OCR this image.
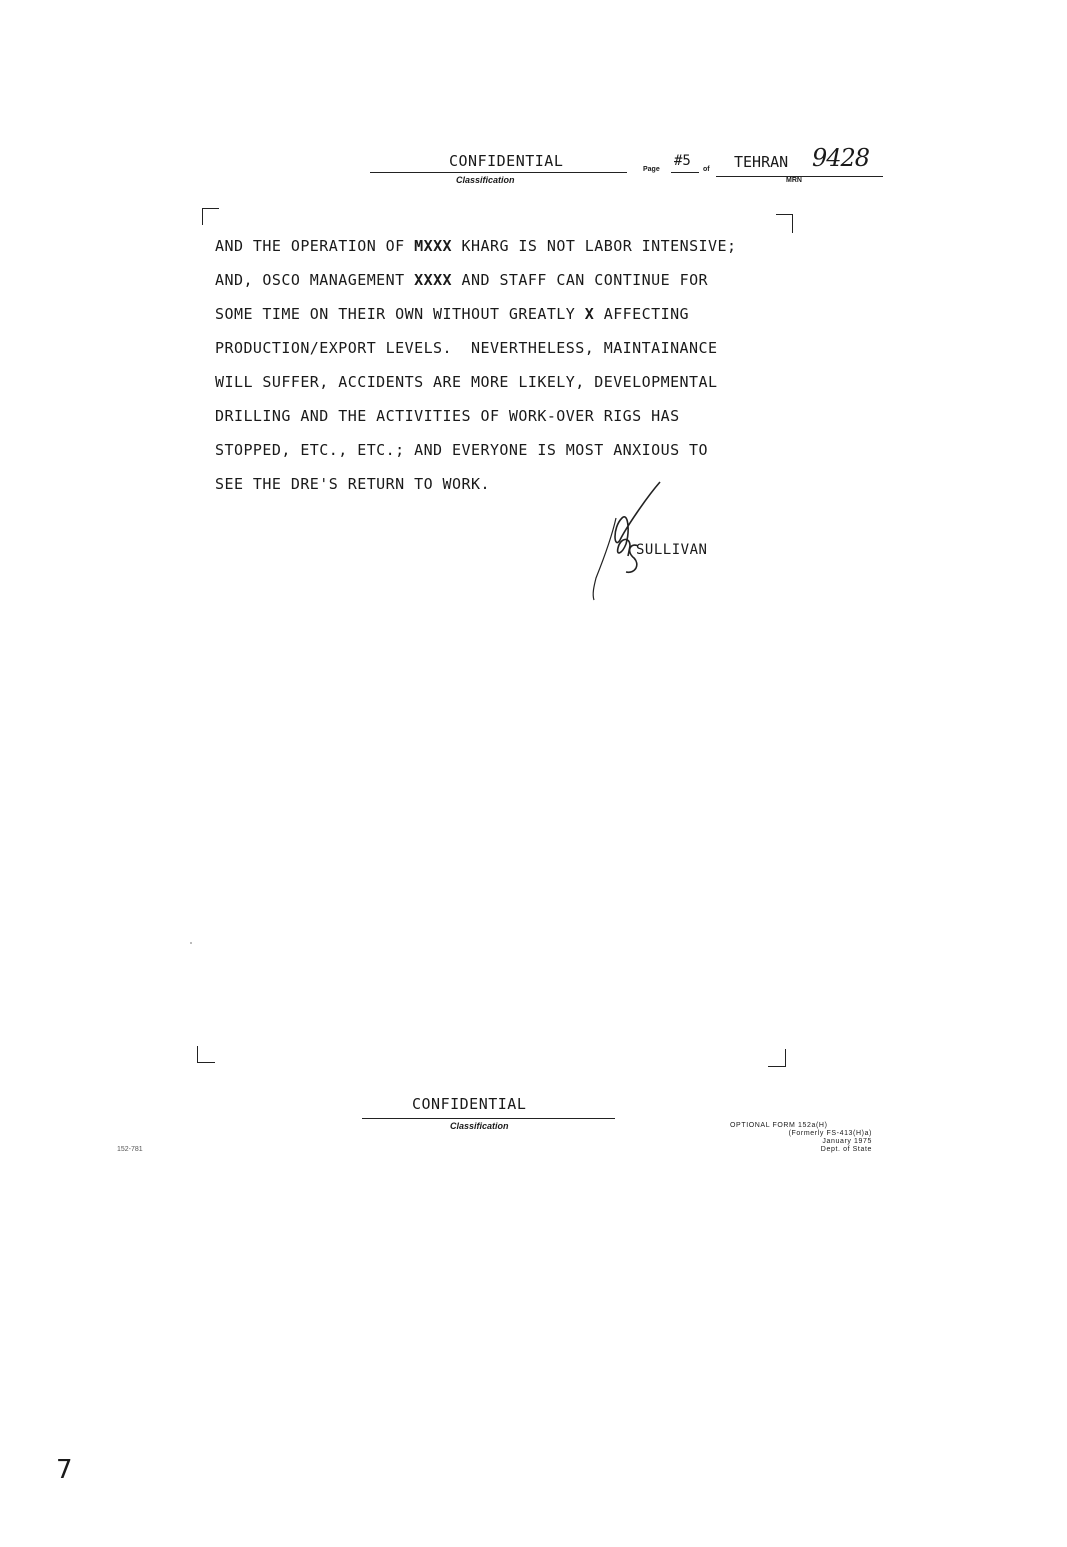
CONFIDENTIAL
Classification
Page
#5
of TEHRAN 9428
MRN
AND THE OPERATION OF MXXX KHARG IS NOT LABOR INTENSIVE;
AND, OSCO MANAGEMENT XXXX AND STAFF CAN CONTINUE FOR
SOME TIME ON THEIR OWN WITHOUT GREATLY X AFFECTING
PRODUCTION/EXPORT LEVELS.  NEVERTHELESS, MAINTAINANCE
WILL SUFFER, ACCIDENTS ARE MORE LIKELY, DEVELOPMENTAL
DRILLING AND THE ACTIVITIES OF WORK-OVER RIGS HAS
STOPPED, ETC., ETC.; AND EVERYONE IS MOST ANXIOUS TO
SEE THE DRE'S RETURN TO WORK.
SULLIVAN
CONFIDENTIAL
Classification	OPTIONAL FORM 152a(H)
(Formerly FS-413(H)a)
January 1975
Dept. of State
152-781
7
